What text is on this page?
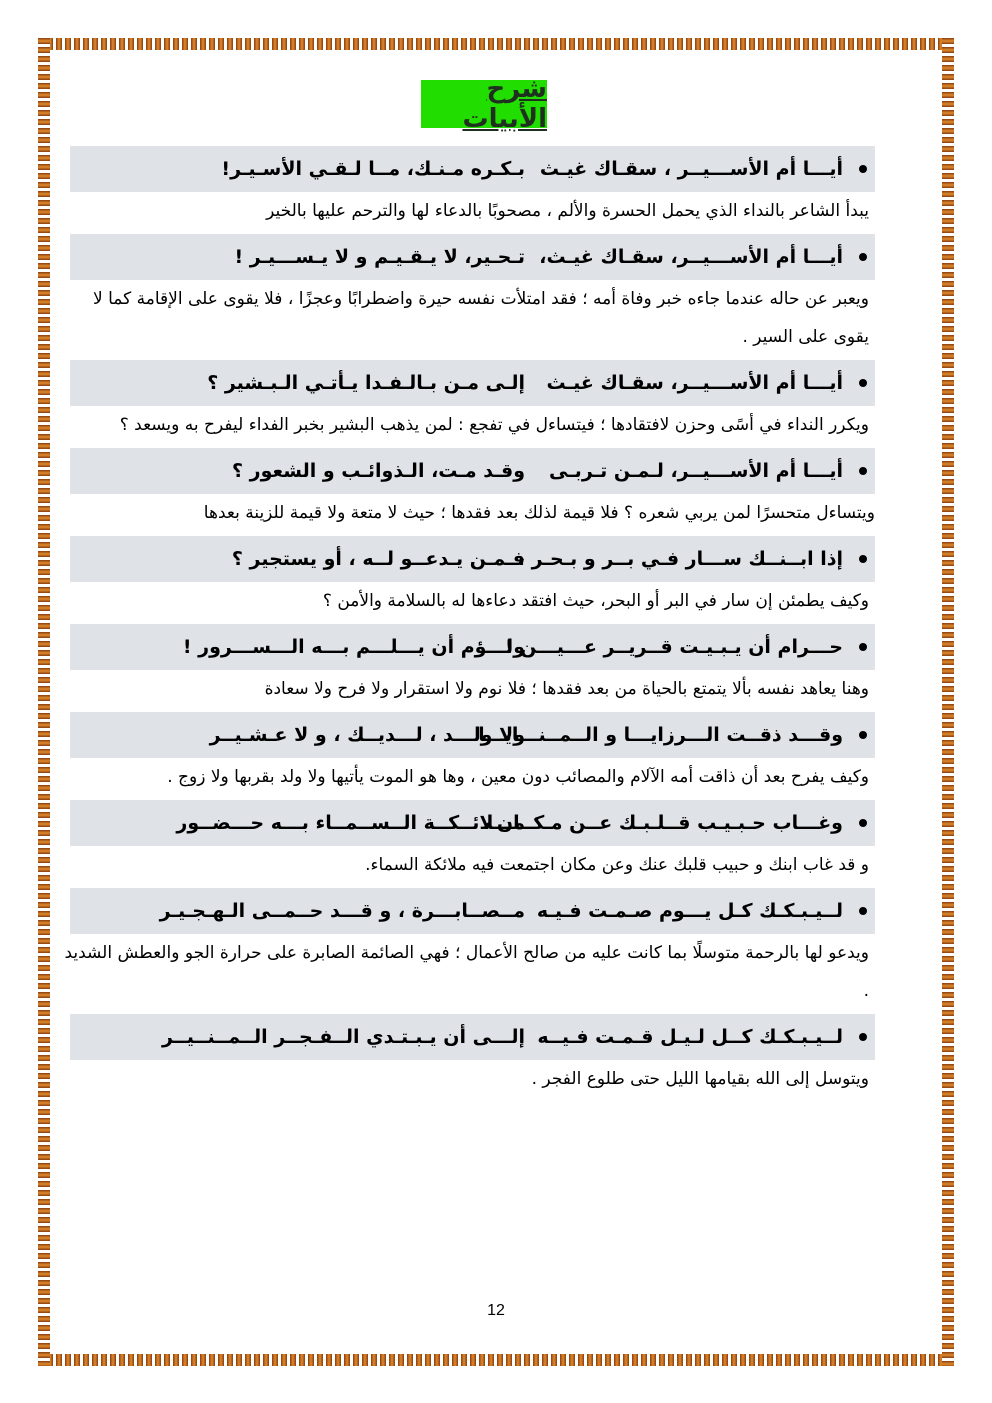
شرح الأبيات
أيـــا أم الأســـيــر ، سقـاك غيـث
بـكـره مـنـك، مــا لـقـي الأسـيـر!
يبدأ الشاعر بالنداء الذي يحمل الحسرة والألم ، مصحوبًا بالدعاء لها والترحم عليها بالخير
أيـــا أم الأســـيــر، سقـاك غيـث،
تـحـير، لا يـقـيـم و لا يـســـيـر !
ويعبر عن حاله عندما جاءه خبر وفاة أمه ؛ فقد امتلأت نفسه حيرة واضطرابًا وعجزًا ، فلا يقوى على الإقامة كما لا يقوى على السير .
أيـــا أم الأســـيــر، سقـاك غيـث
إلـى مـن بـالـفـدا يـأتـي الـبـشير ؟
ويكرر النداء في أسًى وحزن لافتقادها ؛ فيتساءل في تفجع : لمن يذهب البشير بخبر الفداء ليفرح به ويسعد ؟
أيـــا أم الأســـيــر، لـمـن تـربـى
وقـد مـت، الـذوائـب و الشعور ؟
ويتساءل متحسرًا لمن يربي شعره ؟ فلا قيمة لذلك بعد فقدها ؛ حيث لا متعة ولا قيمة للزينة بعدها
إذا ابــنــك ســـار فـي بــر و بـحـر ،
فـمـن يـدعــو لــه ، أو يستجير ؟
وكيف يطمئن إن سار في البر أو البحر، حيث افتقد دعاءها له بالسلامة والأمن ؟
حـــرام أن يـبـيـت قــريــر عـــيـــن !
ولـــؤم أن يـــلـــم بـــه الـــســـرور !
وهنا يعاهد نفسه بألا يتمتع بالحياة من بعد فقدها ؛ فلا نوم ولا استقرار ولا فرح ولا سعادة
وقـــد ذقــت الـــرزايـــا و الــمــنـــايـــا
ولا ولـــد ، لـــديــك ، و لا عـشـيــر
وكيف يفرح بعد أن ذاقت أمه الآلام والمصائب دون معين ، وها هو الموت يأتيها ولا ولد بقربها ولا زوج .
وغـــاب حـبـيـب قــلـبـك عــن مـكــان ،
مـــلائــكــة الــســمــاء بـــه حـــضــور
و قد غاب ابنك و حبيب قلبك عنك وعن مكان اجتمعت فيه ملائكة السماء.
لــيـبـكـك كـل يـــوم صـمـت فـيـه
مــصــابـــرة ، و قـــد حــمــى الـهـجـيـر
ويدعو لها بالرحمة متوسلًا بما كانت عليه من صالح الأعمال ؛ فهي الصائمة الصابرة على حرارة الجو والعطش الشديد .
لــيـبـكـك كــل لـيـل قـمـت فـيــه
إلـــى أن يـبـتـدي الــفـجــر الــمــنــيــر
ويتوسل إلى الله بقيامها الليل حتى طلوع الفجر .
12
